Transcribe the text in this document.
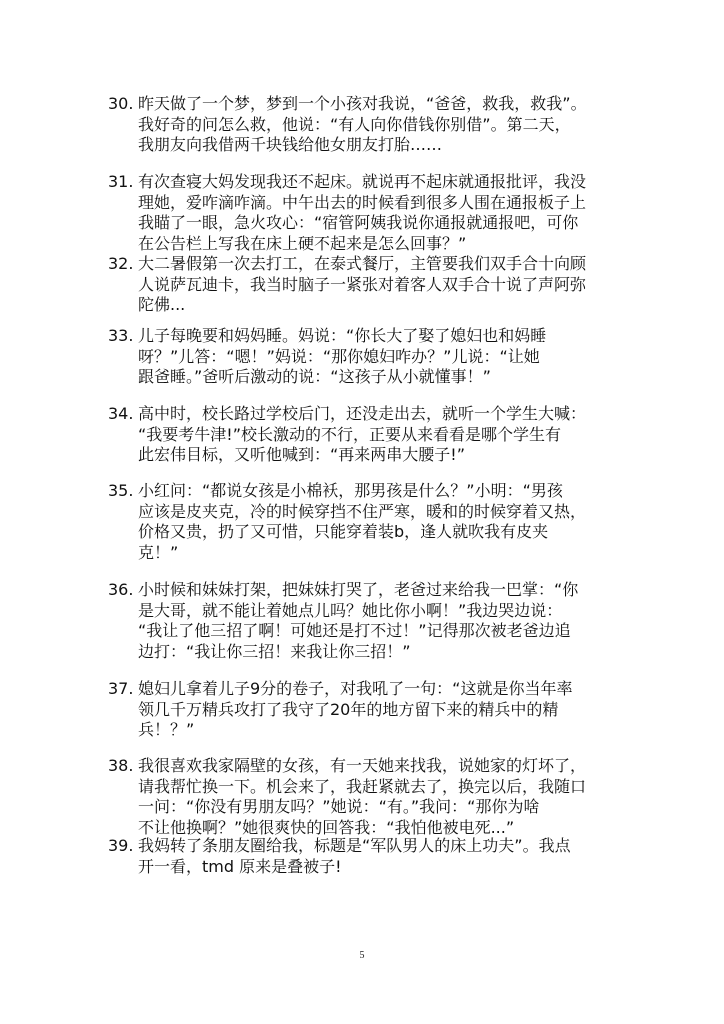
30. 昨天做了一个梦，梦到一个小孩对我说，“爸爸，救我，救我”。
我好奇的问怎么救，他说：“有人向你借钱你别借”。第二天，
我朋友向我借两千块钱给他女朋友打胎……
31. 有次查寝大妈发现我还不起床。就说再不起床就通报批评，我没
理她，爱咋滴咋滴。中午出去的时候看到很多人围在通报板子上
我瞄了一眼，急火攻心：“宿管阿姨我说你通报就通报吧，可你
在公告栏上写我在床上硬不起来是怎么回事？”
32. 大二暑假第一次去打工，在泰式餐厅，主管要我们双手合十向顾
人说萨瓦迪卡，我当时脑子一紧张对着客人双手合十说了声阿弥
陀佛...
33. 儿子每晚要和妈妈睡。妈说：“你长大了娶了媳妇也和妈睡
呀？”儿答：“嗯！”妈说：“那你媳妇咋办？”儿说：“让她
跟爸睡。”爸听后激动的说：“这孩子从小就懂事！”
34. 高中时，校长路过学校后门，还没走出去，就听一个学生大喊：
“我要考牛津!”校长激动的不行，正要从来看看是哪个学生有
此宏伟目标，又听他喊到：“再来两串大腰子!”
35. 小红问：“都说女孩是小棉袄，那男孩是什么？”小明：“男孩
应该是皮夹克，冷的时候穿挡不住严寒，暖和的时候穿着又热，
价格又贵，扔了又可惜，只能穿着装b，逢人就吹我有皮夹
克！”
36. 小时候和妹妹打架，把妹妹打哭了，老爸过来给我一巴掌：“你
是大哥，就不能让着她点儿吗？她比你小啊！”我边哭边说：
“我让了他三招了啊！可她还是打不过！”记得那次被老爸边追
边打：“我让你三招！来我让你三招！”
37. 媳妇儿拿着儿子9分的卷子，对我吼了一句：“这就是你当年率
领几千万精兵攻打了我守了20年的地方留下来的精兵中的精
兵！？”
38. 我很喜欢我家隔壁的女孩，有一天她来找我，说她家的灯坏了，
请我帮忙换一下。机会来了，我赶紧就去了，换完以后，我随口
一问：“你没有男朋友吗？”她说：“有。”我问：“那你为啥
不让他换啊？”她很爽快的回答我：“我怕他被电死...”
39. 我妈转了条朋友圈给我，标题是“军队男人的床上功夫”。我点
开一看，tmd 原来是叠被子!
5
